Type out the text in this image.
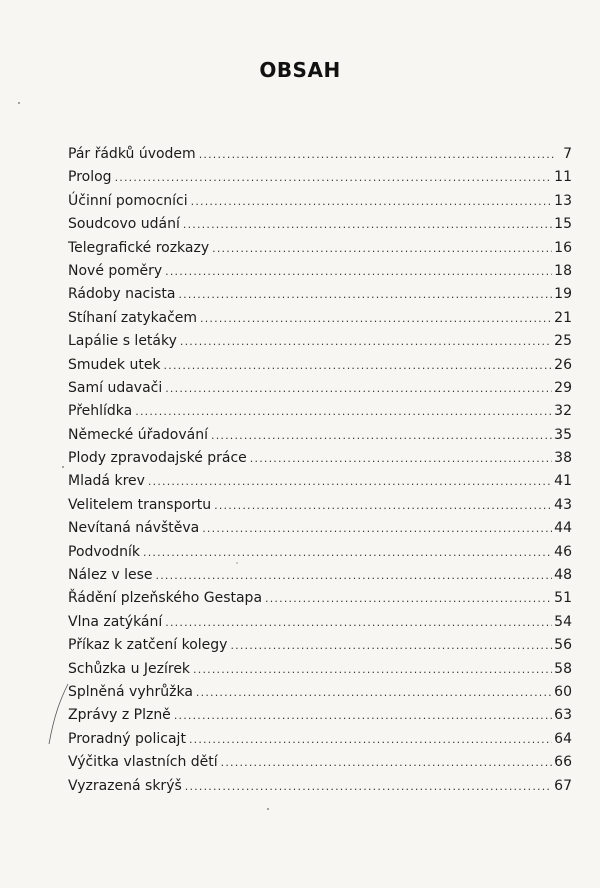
OBSAH
Pár řádků úvodem .....	7
Prolog .....	11
Účinní pomocníci .....	13
Soudcovo udání .....	15
Telegrafické rozkazy .....	16
Nové poměry .....	18
Rádoby nacista .....	19
Stíhaní zatykačem .....	21
Lapálie s letáky .....	25
Smudek utek .....	26
Samí udavači .....	29
Přehlídka .....	32
Německé úřadování .....	35
Plody zpravodajské práce .....	38
Mladá krev .....	41
Velitelem transportu .....	43
Nevítaná návštěva .....	44
Podvodník .....	46
Nález v lese .....	48
Řádění plzeňského Gestapa .....	51
Vlna zatýkání .....	54
Příkaz k zatčení kolegy .....	56
Schůzka u Jezírek .....	58
Splněná vyhrůžka .....	60
Zprávy z Plzně .....	63
Proradný policajt .....	64
Výčitka vlastních dětí .....	66
Vyzrazená skrýš .....	67
